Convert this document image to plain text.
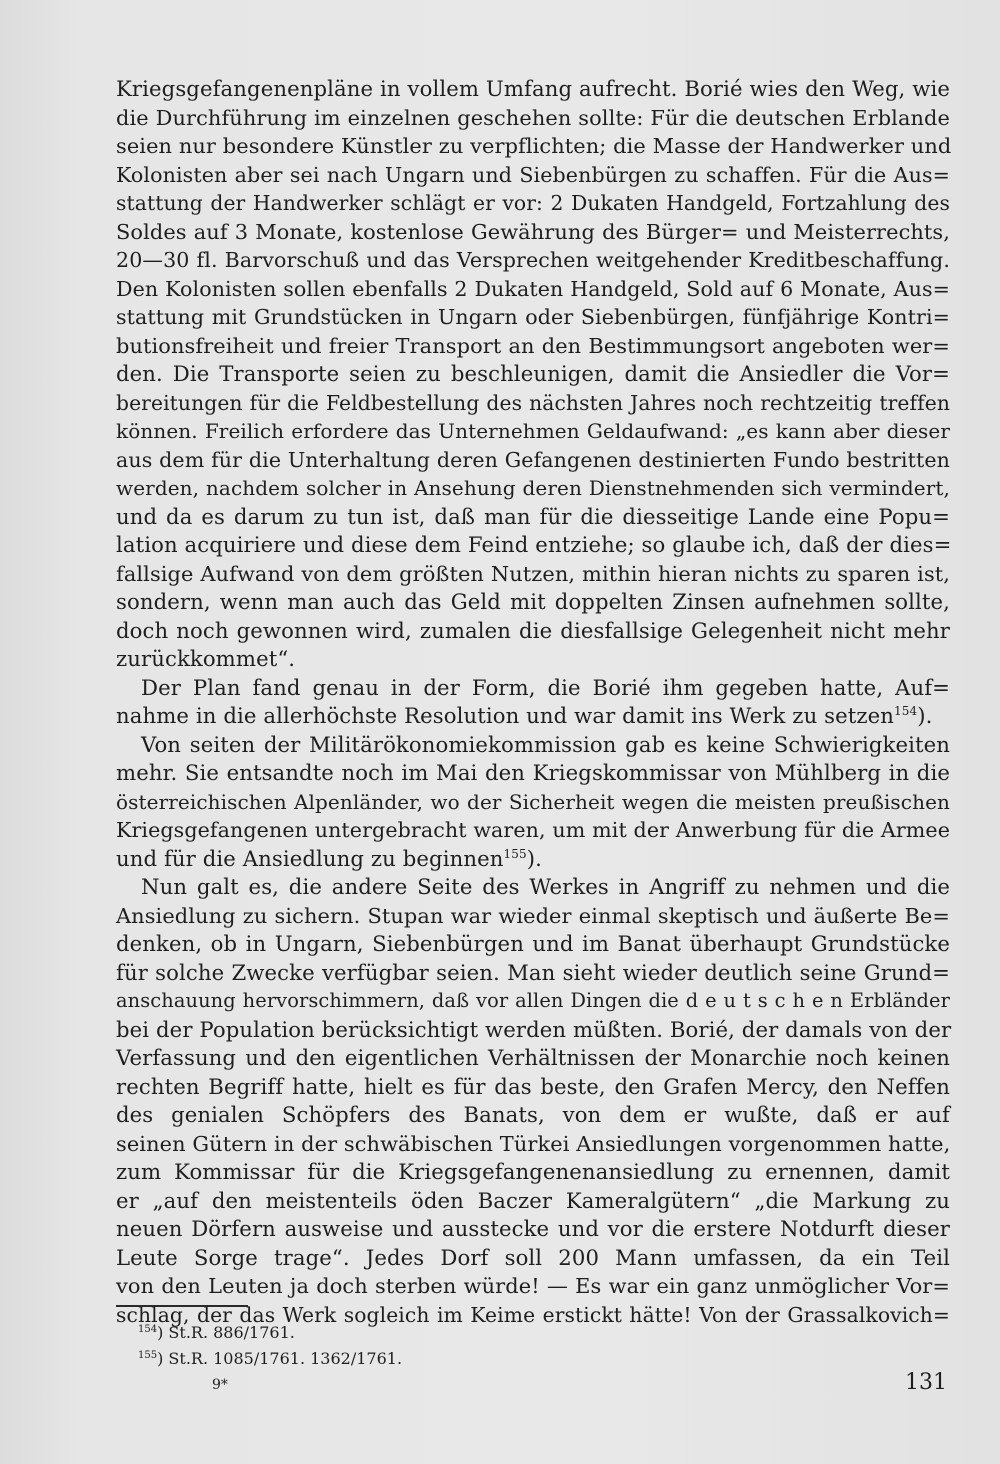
Kriegsgefangenenpläne in vollem Umfang aufrecht. Borié wies den Weg, wie
die Durchführung im einzelnen geschehen sollte: Für die deutschen Erblande
seien nur besondere Künstler zu verpflichten; die Masse der Handwerker und
Kolonisten aber sei nach Ungarn und Siebenbürgen zu schaffen. Für die Aus=
stattung der Handwerker schlägt er vor: 2 Dukaten Handgeld, Fortzahlung des
Soldes auf 3 Monate, kostenlose Gewährung des Bürger= und Meisterrechts,
20—30 fl. Barvorschuß und das Versprechen weitgehender Kreditbeschaffung.
Den Kolonisten sollen ebenfalls 2 Dukaten Handgeld, Sold auf 6 Monate, Aus=
stattung mit Grundstücken in Ungarn oder Siebenbürgen, fünfjährige Kontri=
butionsfreiheit und freier Transport an den Bestimmungsort angeboten wer=
den. Die Transporte seien zu beschleunigen, damit die Ansiedler die Vor=
bereitungen für die Feldbestellung des nächsten Jahres noch rechtzeitig treffen
können. Freilich erfordere das Unternehmen Geldaufwand: „es kann aber dieser
aus dem für die Unterhaltung deren Gefangenen destinierten Fundo bestritten
werden, nachdem solcher in Ansehung deren Dienstnehmenden sich vermindert,
und da es darum zu tun ist, daß man für die diesseitige Lande eine Popu=
lation acquiriere und diese dem Feind entziehe; so glaube ich, daß der dies=
fallsige Aufwand von dem größten Nutzen, mithin hieran nichts zu sparen ist,
sondern, wenn man auch das Geld mit doppelten Zinsen aufnehmen sollte,
doch noch gewonnen wird, zumalen die diesfallsige Gelegenheit nicht mehr
zurückkommet“.
Der Plan fand genau in der Form, die Borié ihm gegeben hatte, Auf=
nahme in die allerhöchste Resolution und war damit ins Werk zu setzen$^{154}$).
Von seiten der Militärökonomiekommission gab es keine Schwierigkeiten
mehr. Sie entsandte noch im Mai den Kriegskommissar von Mühlberg in die
österreichischen Alpenländer, wo der Sicherheit wegen die meisten preußischen
Kriegsgefangenen untergebracht waren, um mit der Anwerbung für die Armee
und für die Ansiedlung zu beginnen$^{155}$).
Nun galt es, die andere Seite des Werkes in Angriff zu nehmen und die
Ansiedlung zu sichern. Stupan war wieder einmal skeptisch und äußerte Be=
denken, ob in Ungarn, Siebenbürgen und im Banat überhaupt Grundstücke
für solche Zwecke verfügbar seien. Man sieht wieder deutlich seine Grund=
anschauung hervorschimmern, daß vor allen Dingen die d e u t s c h e n Erbländer
bei der Population berücksichtigt werden müßten. Borié, der damals von der
Verfassung und den eigentlichen Verhältnissen der Monarchie noch keinen
rechten Begriff hatte, hielt es für das beste, den Grafen Mercy, den Neffen
des genialen Schöpfers des Banats, von dem er wußte, daß er auf
seinen Gütern in der schwäbischen Türkei Ansiedlungen vorgenommen hatte,
zum Kommissar für die Kriegsgefangenenansiedlung zu ernennen, damit
er „auf den meistenteils öden Baczer Kameralgütern“ „die Markung zu
neuen Dörfern ausweise und ausstecke und vor die erstere Notdurft dieser
Leute Sorge trage“. Jedes Dorf soll 200 Mann umfassen, da ein Teil
von den Leuten ja doch sterben würde! — Es war ein ganz unmöglicher Vor=
schlag, der das Werk sogleich im Keime erstickt hätte! Von der Grassalkovich=
$^{154}$) St.R. 886/1761.
$^{155}$) St.R. 1085/1761. 1362/1761.
9*	131
